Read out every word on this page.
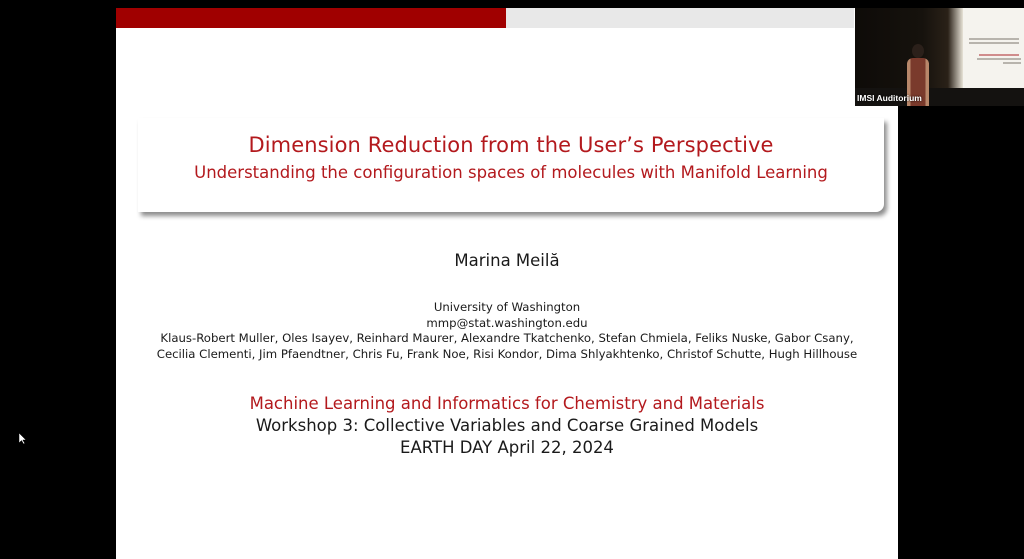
Dimension Reduction from the User’s Perspective
Understanding the configuration spaces of molecules with Manifold Learning
Marina Meilă
University of Washington
mmp@stat.washington.edu
Klaus-Robert Muller, Oles Isayev, Reinhard Maurer, Alexandre Tkatchenko, Stefan Chmiela, Feliks Nuske, Gabor Csany,
Cecilia Clementi, Jim Pfaendtner, Chris Fu, Frank Noe, Risi Kondor, Dima Shlyakhtenko, Christof Schutte, Hugh Hillhouse
Machine Learning and Informatics for Chemistry and Materials
Workshop 3: Collective Variables and Coarse Grained Models
EARTH DAY April 22, 2024
IMSI Auditorium
